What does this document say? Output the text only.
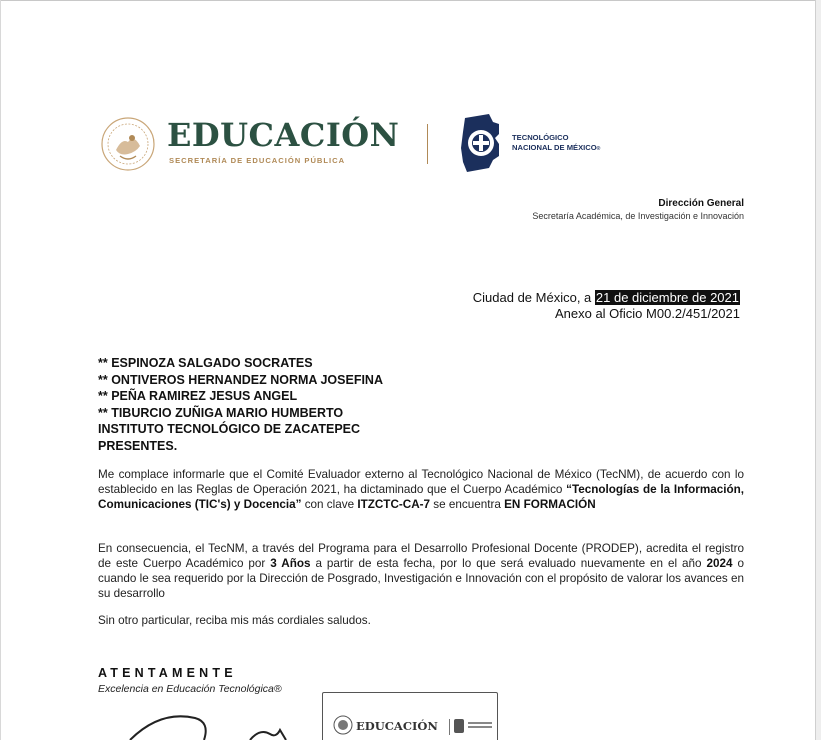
EDUCACIÓN
SECRETARÍA DE EDUCACIÓN PÚBLICA
TECNOLÓGICO
NACIONAL DE MÉXICO®
Dirección General
Secretaría Académica, de Investigación e Innovación
Ciudad de México, a 21 de diciembre de 2021
Anexo al Oficio M00.2/451/2021
** ESPINOZA SALGADO SOCRATES
** ONTIVEROS HERNANDEZ NORMA JOSEFINA
** PEÑA RAMIREZ JESUS ANGEL
** TIBURCIO ZUÑIGA MARIO HUMBERTO
INSTITUTO TECNOLÓGICO DE ZACATEPEC
PRESENTES.
Me complace informarle que el Comité Evaluador externo al Tecnológico Nacional de México (TecNM), de acuerdo con lo establecido en las Reglas de Operación 2021, ha dictaminado que el Cuerpo Académico “Tecnologías de la Información, Comunicaciones (TIC's) y Docencia” con clave ITZCTC-CA-7 se encuentra EN FORMACIÓN
En consecuencia, el TecNM, a través del Programa para el Desarrollo Profesional Docente (PRODEP), acredita el registro de este Cuerpo Académico por 3 Años a partir de esta fecha, por lo que será evaluado nuevamente en el año 2024 o cuando le sea requerido por la Dirección de Posgrado, Investigación e Innovación con el propósito de valorar los avances en su desarrollo
Sin otro particular, reciba mis más cordiales saludos.
ATENTAMENTE
Excelencia en Educación Tecnológica®
EDUCACIÓN
